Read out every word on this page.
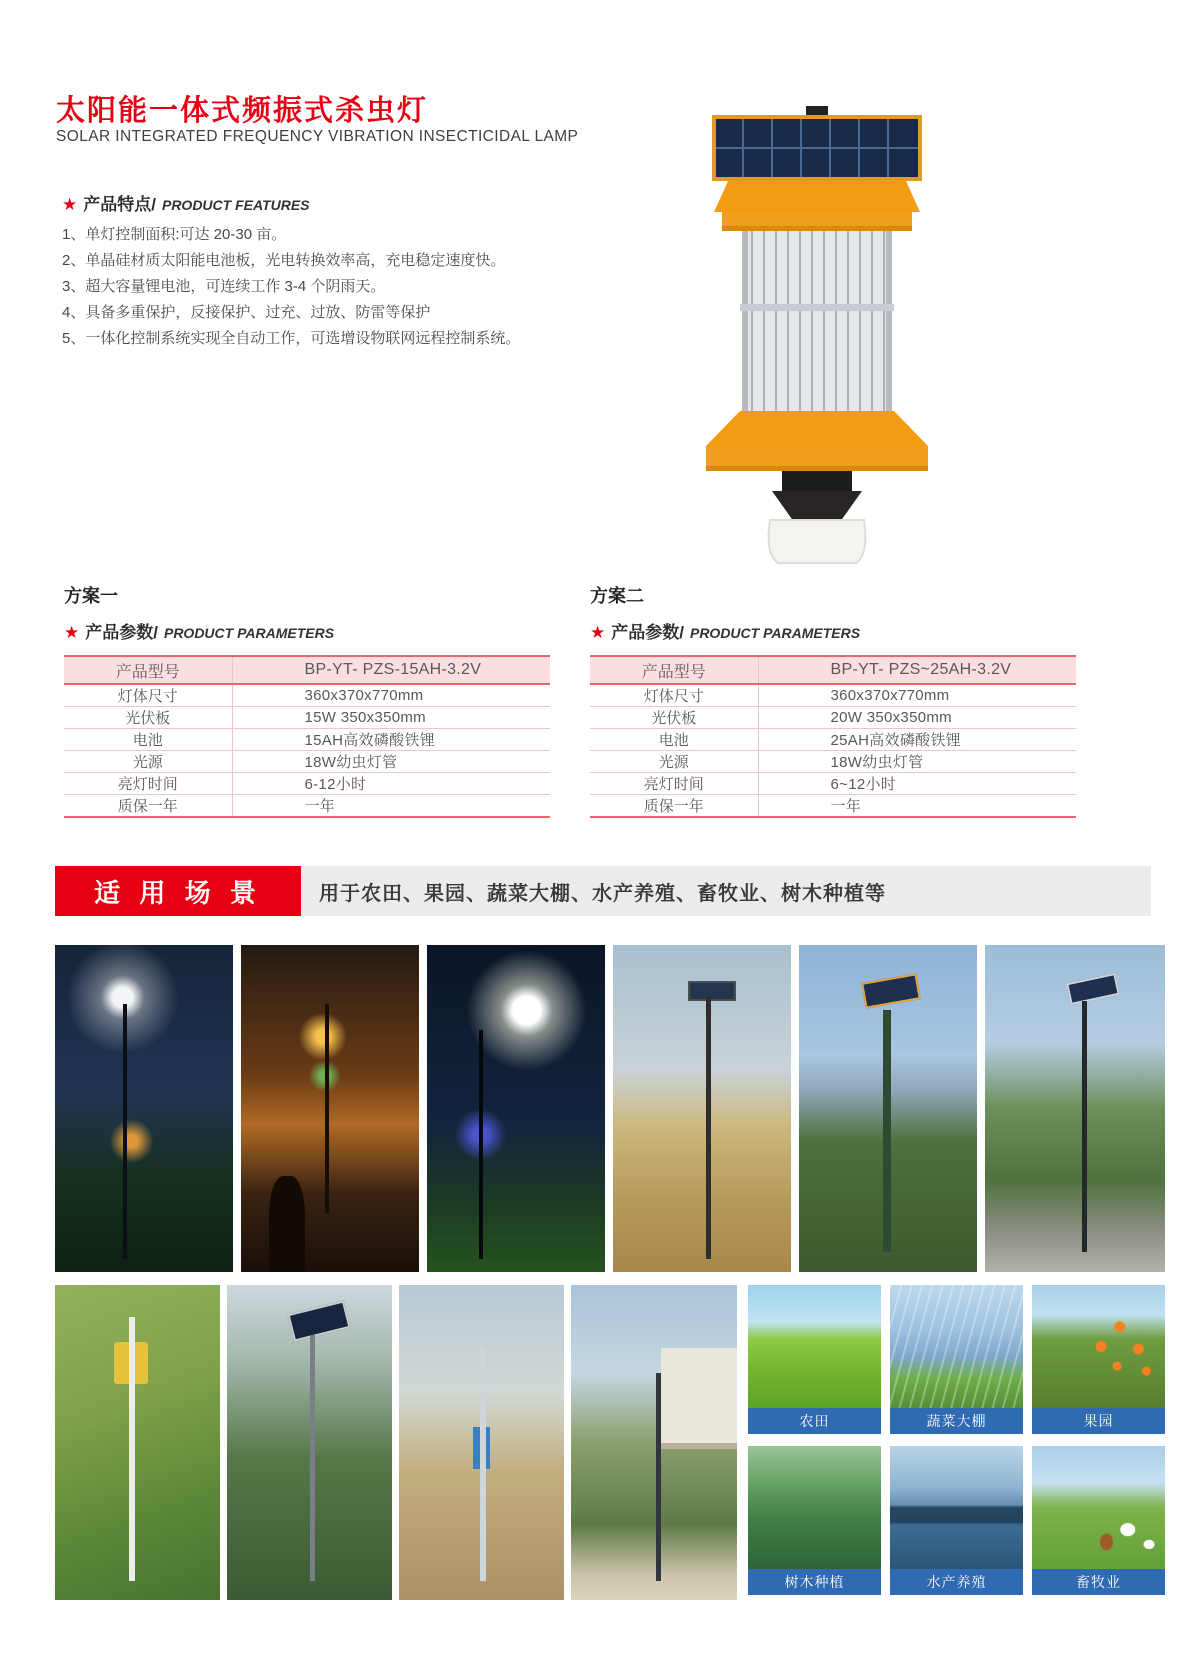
太阳能一体式频振式杀虫灯
SOLAR INTEGRATED FREQUENCY VIBRATION INSECTICIDAL LAMP
★ 产品特点/ PRODUCT FEATURES
1、单灯控制面积:可达 20-30 亩。
2、单晶硅材质太阳能电池板，光电转换效率高，充电稳定速度快。
3、超大容量锂电池，可连续工作 3-4 个阴雨天。
4、具备多重保护，反接保护、过充、过放、防雷等保护
5、一体化控制系统实现全自动工作，可选增设物联网远程控制系统。
方案一
★ 产品参数/ PRODUCT PARAMETERS
产品型号	BP-YT- PZS-15AH-3.2V
灯体尺寸	360x370x770mm
光伏板	15W 350x350mm
电池	15AH高效磷酸铁锂
光源	18W幼虫灯管
亮灯时间	6-12小时
质保一年	一年
方案二
★ 产品参数/ PRODUCT PARAMETERS
产品型号	BP-YT- PZS~25AH-3.2V
灯体尺寸	360x370x770mm
光伏板	20W 350x350mm
电池	25AH高效磷酸铁锂
光源	18W幼虫灯管
亮灯时间	6~12小时
质保一年	一年
适 用 场 景	用于农田、果园、蔬菜大棚、水产养殖、畜牧业、树木种植等
农田	蔬菜大棚	果园
树木种植	水产养殖	畜牧业
